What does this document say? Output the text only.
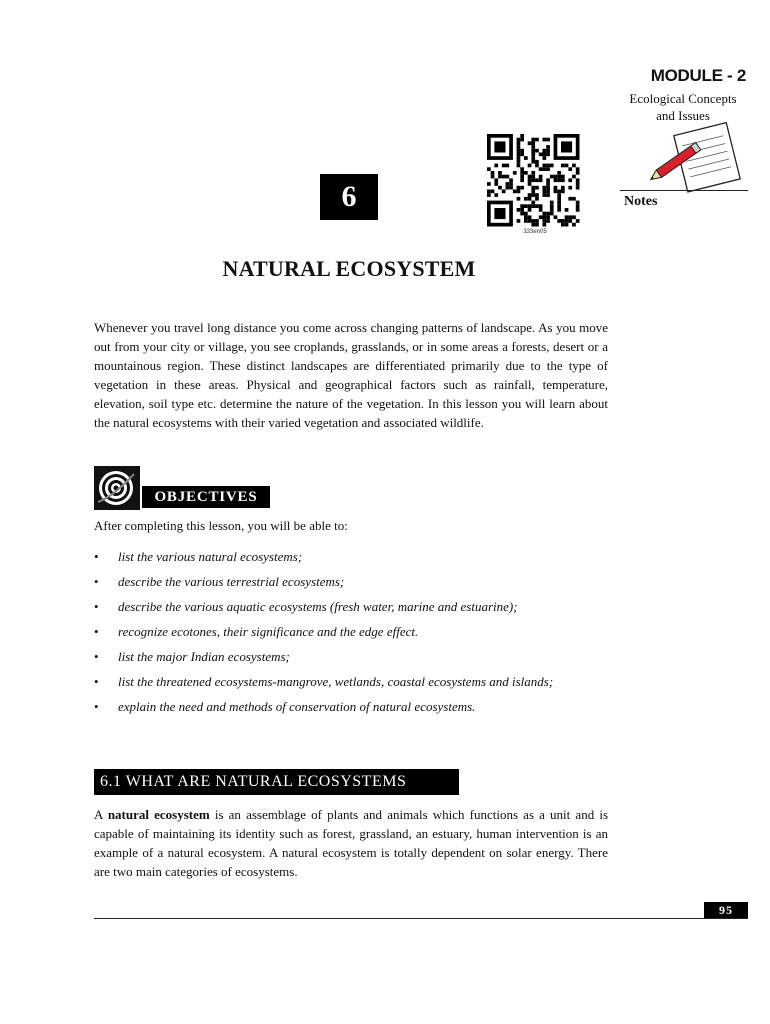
MODULE - 2
Ecological Concepts
and Issues
Notes
6
333en05
NATURAL ECOSYSTEM
Whenever you travel long distance you come across changing patterns of landscape. As you move out from your city or village, you see croplands, grasslands, or in some areas a forests, desert or a mountainous region. These distinct landscapes are differentiated primarily due to the type of vegetation in these areas. Physical and geographical factors such as rainfall, temperature, elevation, soil type etc. determine the nature of the vegetation. In this lesson you will learn about the natural ecosystems with their varied vegetation and associated wildlife.
OBJECTIVES
After completing this lesson, you will be able to:
• list the various natural ecosystems;
• describe the various terrestrial ecosystems;
• describe the various aquatic ecosystems (fresh water, marine and estuarine);
• recognize ecotones, their significance and the edge effect.
• list the major Indian ecosystems;
• list the threatened ecosystems-mangrove, wetlands, coastal ecosystems and islands;
• explain the need and methods of conservation of natural ecosystems.
6.1 WHAT ARE NATURAL ECOSYSTEMS
A natural ecosystem is an assemblage of plants and animals which functions as a unit and is capable of maintaining its identity such as forest, grassland, an estuary, human intervention is an example of a natural ecosystem. A natural ecosystem is totally dependent on solar energy. There are two main categories of ecosystems.
95
